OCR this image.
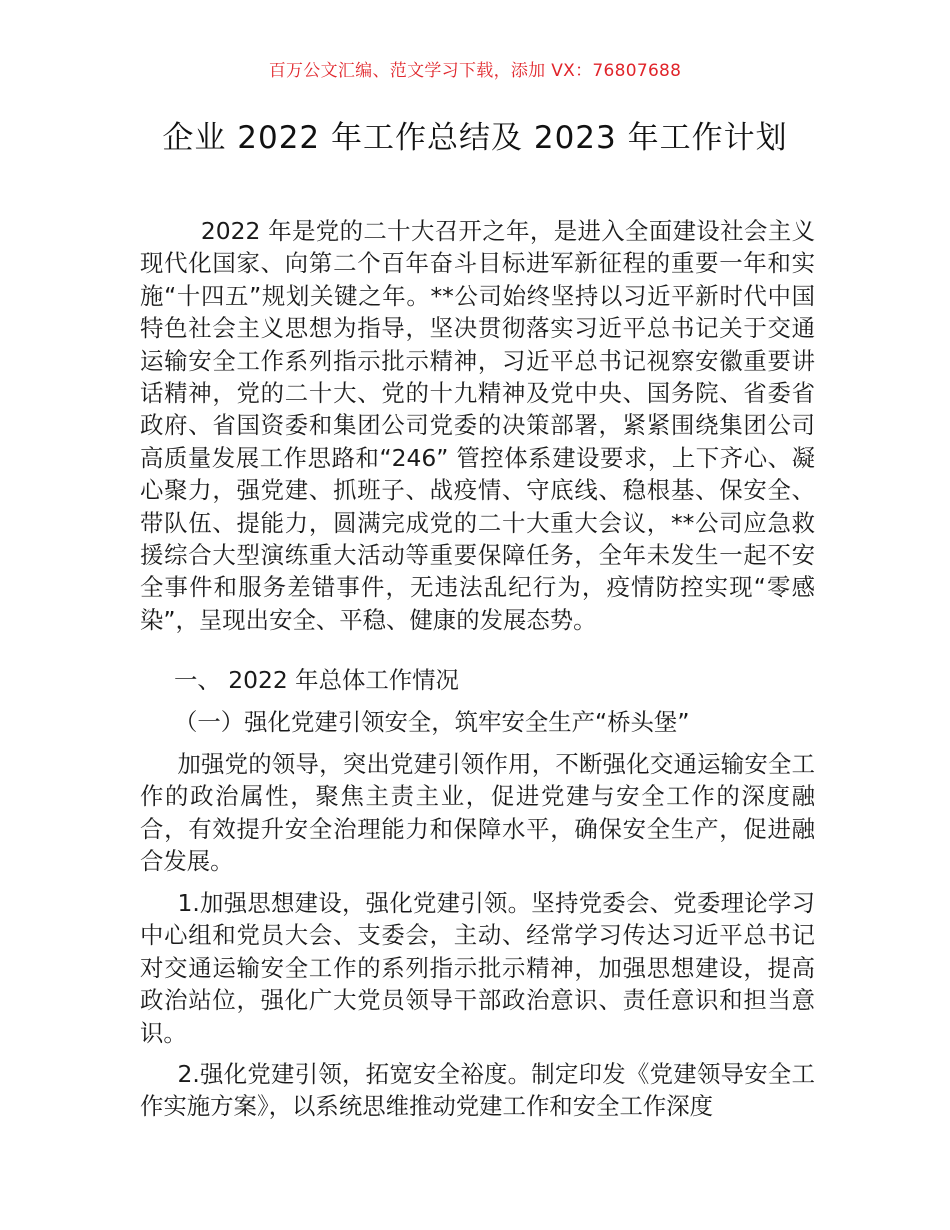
百万公文汇编、范文学习下载，添加 VX：76807688
企业 2022 年工作总结及 2023 年工作计划

2022 年是党的二十大召开之年，是进入全面建设社会主义现代化国家、向第二个百年奋斗目标进军新征程的重要一年和实施“十四五”规划关键之年。**公司始终坚持以习近平新时代中国特色社会主义思想为指导，坚决贯彻落实习近平总书记关于交通运输安全工作系列指示批示精神，习近平总书记视察安徽重要讲话精神，党的二十大、党的十九精神及党中央、国务院、省委省政府、省国资委和集团公司党委的决策部署，紧紧围绕集团公司高质量发展工作思路和“246” 管控体系建设要求，上下齐心、凝心聚力，强党建、抓班子、战疫情、守底线、稳根基、保安全、带队伍、提能力，圆满完成党的二十大重大会议，**公司应急救援综合大型演练重大活动等重要保障任务，全年未发生一起不安全事件和服务差错事件，无违法乱纪行为，疫情防控实现“零感染”，呈现出安全、平稳、健康的发展态势。

一、 2022 年总体工作情况

（一）强化党建引领安全，筑牢安全生产“桥头堡”

加强党的领导，突出党建引领作用，不断强化交通运输安全工作的政治属性，聚焦主责主业，促进党建与安全工作的深度融合，有效提升安全治理能力和保障水平，确保安全生产，促进融合发展。

1.加强思想建设，强化党建引领。坚持党委会、党委理论学习中心组和党员大会、支委会，主动、经常学习传达习近平总书记对交通运输安全工作的系列指示批示精神，加强思想建设，提高政治站位，强化广大党员领导干部政治意识、责任意识和担当意识。

2.强化党建引领，拓宽安全裕度。制定印发《党建领导安全工作实施方案》，以系统思维推动党建工作和安全工作深度
